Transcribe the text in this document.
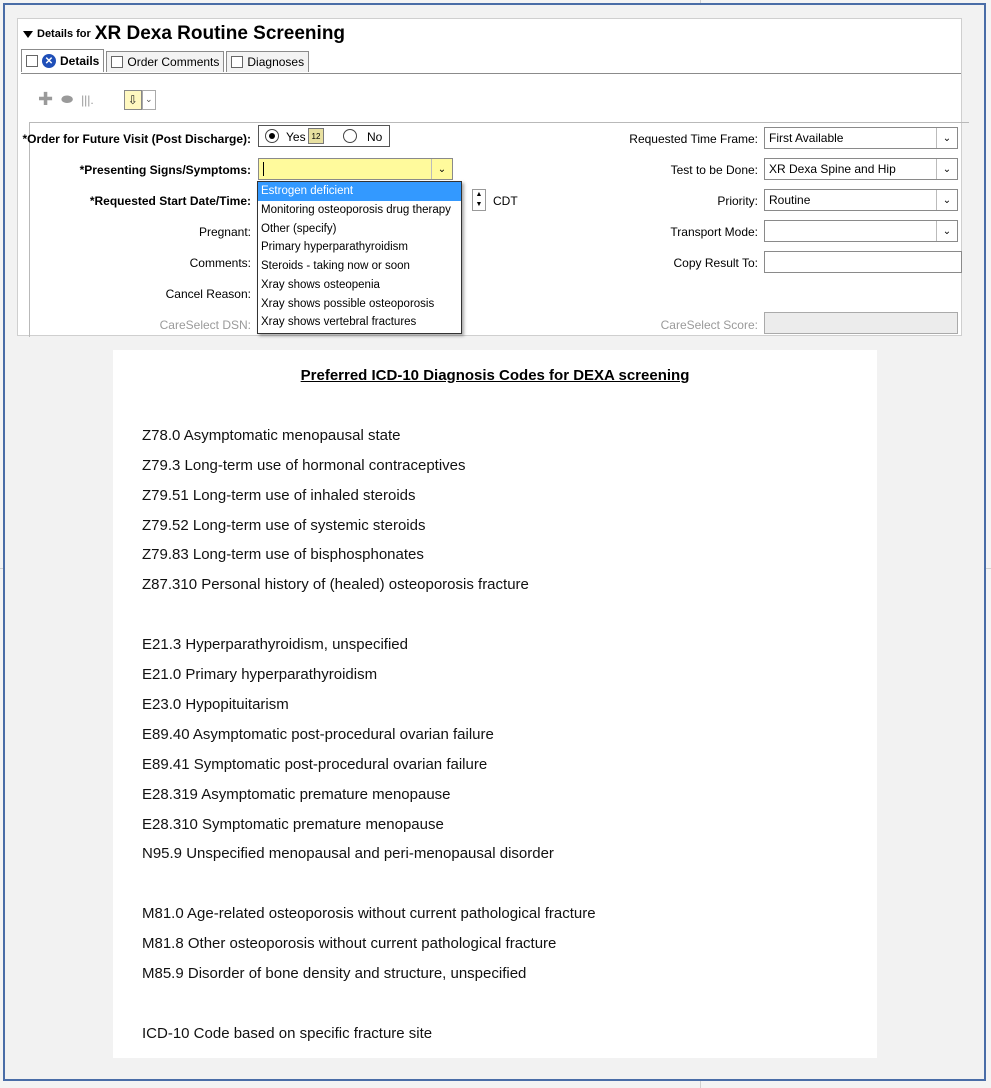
Details for XR Dexa Routine Screening
✕ Details Order Comments Diagnoses
✚ ⬬ |||.	⇩ ⌄
*Order for Future Visit (Post Discharge):	Yes 12	No
*Presenting Signs/Symptoms:	⌄
*Requested Start Date/Time:	▲
▼ CDT
Pregnant:
Comments:
Cancel Reason:
CareSelect DSN:
Requested Time Frame: First Available	⌄
Test to be Done: XR Dexa Spine and Hip	⌄
Priority: Routine	⌄
Transport Mode:	⌄
Copy Result To:
CareSelect Score:
Estrogen deficient
Monitoring osteoporosis drug therapy
Other (specify)
Primary hyperparathyroidism
Steroids - taking now or soon
Xray shows osteopenia
Xray shows possible osteoporosis
Xray shows vertebral fractures
Preferred ICD-10 Diagnosis Codes for DEXA screening
Z78.0 Asymptomatic menopausal state
Z79.3 Long-term use of hormonal contraceptives
Z79.51 Long-term use of inhaled steroids
Z79.52 Long-term use of systemic steroids
Z79.83 Long-term use of bisphosphonates
Z87.310 Personal history of (healed) osteoporosis fracture
E21.3 Hyperparathyroidism, unspecified
E21.0 Primary hyperparathyroidism
E23.0 Hypopituitarism
E89.40 Asymptomatic post-procedural ovarian failure
E89.41 Symptomatic post-procedural ovarian failure
E28.319 Asymptomatic premature menopause
E28.310 Symptomatic premature menopause
N95.9 Unspecified menopausal and peri-menopausal disorder
M81.0 Age-related osteoporosis without current pathological fracture
M81.8 Other osteoporosis without current pathological fracture
M85.9 Disorder of bone density and structure, unspecified
ICD-10 Code based on specific fracture site
